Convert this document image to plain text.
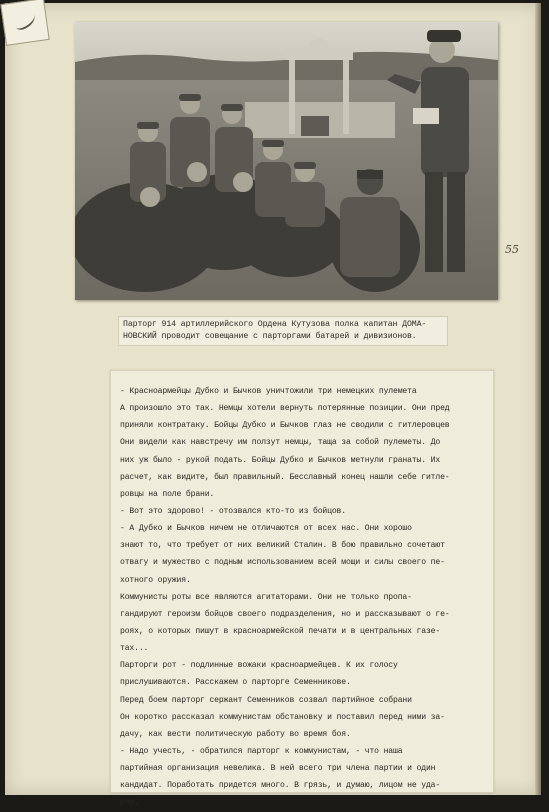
55
Парторг 914 артиллерийского Ордена Кутузова полка капитан ДОМА-
НОВСКИЙ проводит совещание с парторгами батарей и дивизионов.
- Красноармейцы Дубко и Бычков уничтожили три немецких пулемета
А произошло это так. Немцы хотели вернуть потерянные позиции. Они пред
приняли контратаку. Бойцы Дубко и Бычков глаз не сводили с гитлеровцев
Они видели как навстречу им ползут немцы, таща за собой пулеметы. До
них уж было - рукой подать. Бойцы Дубко и Бычков метнули гранаты. Их
расчет, как видите, был правильный. Бесславный конец нашли себе гитле-
ровцы на поле брани.
- Вот это здорово! - отозвался кто-то из бойцов.
- А Дубко и Бычков ничем не отличаются от всех нас. Они хорошо
знают то, что требует от них великий Сталин. В бою правильно сочетают
отвагу и мужество с подным использованием всей мощи и силы своего пе-
хотного оружия.
Коммунисты роты все являются агитаторами. Они не только пропа-
гандируют героизм бойцов своего подразделения, но и рассказывают о ге-
роях, о которых пишут в красноармейской печати и в центральных газе-
тах...
Парторги рот - подлинные вожаки красноармейцев. К их голосу
прислушиваются. Расскажем о парторге Семенникове.
Перед боем парторг сержант Семенников созвал партийное собрани
Он коротко рассказал коммунистам обстановку и поставил перед ними за-
дачу, как вести политическую работу во время боя.
- Надо учесть, - обратился парторг к коммунистам, - что наша
партийная организация невелика. В ней всего три члена партии и один
кандидат. Поработать придется много. В грязь, и думаю, лицом не уда-
рим.
